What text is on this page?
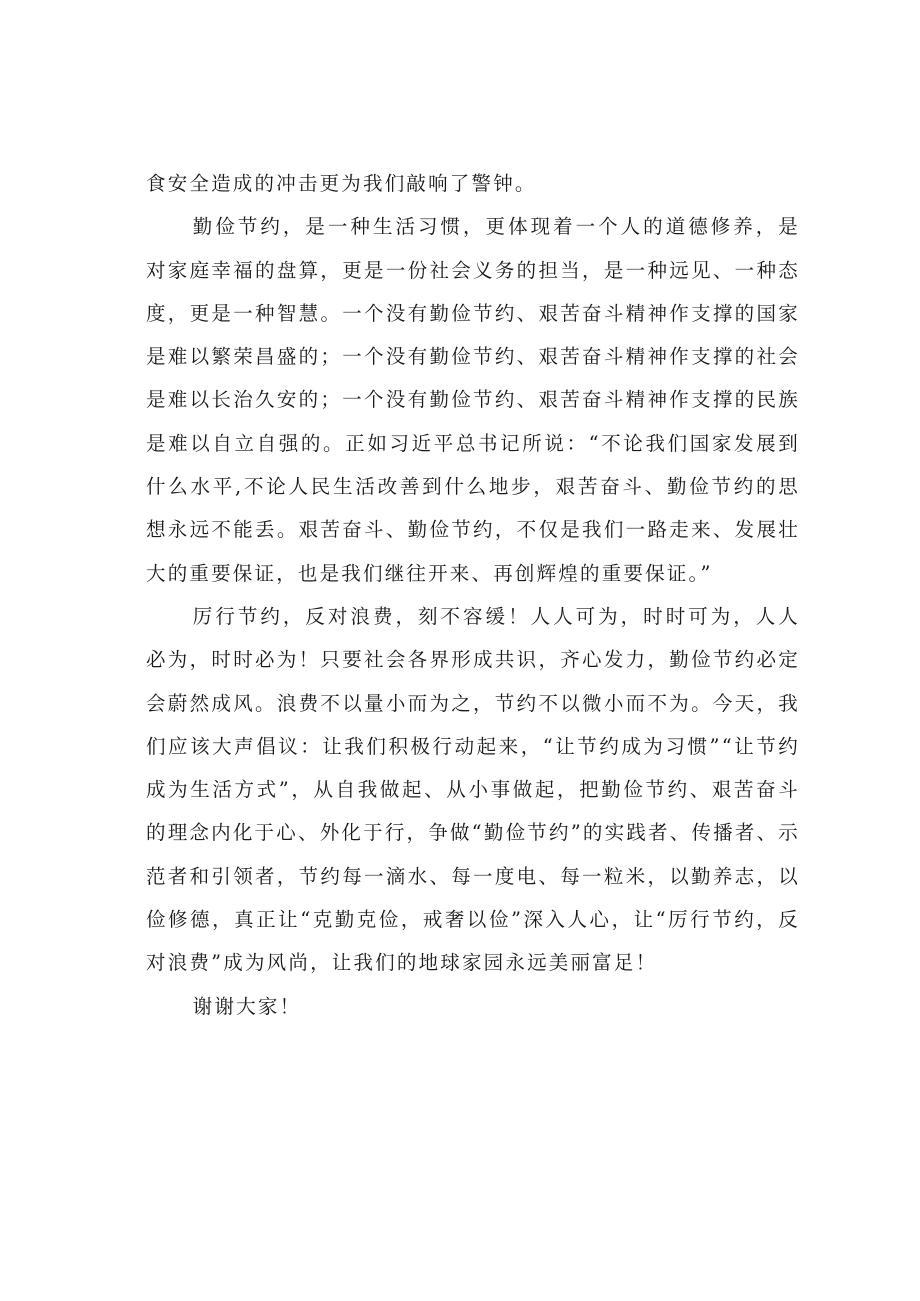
食安全造成的冲击更为我们敲响了警钟。

勤俭节约，是一种生活习惯，更体现着一个人的道德修养，是对家庭幸福的盘算，更是一份社会义务的担当，是一种远见、一种态度，更是一种智慧。一个没有勤俭节约、艰苦奋斗精神作支撑的国家是难以繁荣昌盛的；一个没有勤俭节约、艰苦奋斗精神作支撑的社会是难以长治久安的；一个没有勤俭节约、艰苦奋斗精神作支撑的民族是难以自立自强的。正如习近平总书记所说：“不论我们国家发展到什么水平,不论人民生活改善到什么地步，艰苦奋斗、勤俭节约的思想永远不能丢。艰苦奋斗、勤俭节约，不仅是我们一路走来、发展壮大的重要保证，也是我们继往开来、再创辉煌的重要保证。”

厉行节约，反对浪费，刻不容缓！人人可为，时时可为，人人必为，时时必为！只要社会各界形成共识，齐心发力，勤俭节约必定会蔚然成风。浪费不以量小而为之，节约不以微小而不为。今天，我们应该大声倡议：让我们积极行动起来，“让节约成为习惯”“让节约成为生活方式”，从自我做起、从小事做起，把勤俭节约、艰苦奋斗的理念内化于心、外化于行，争做“勤俭节约”的实践者、传播者、示范者和引领者，节约每一滴水、每一度电、每一粒米，以勤养志，以俭修德，真正让“克勤克俭，戒奢以俭”深入人心，让“厉行节约，反对浪费”成为风尚，让我们的地球家园永远美丽富足！

谢谢大家！
